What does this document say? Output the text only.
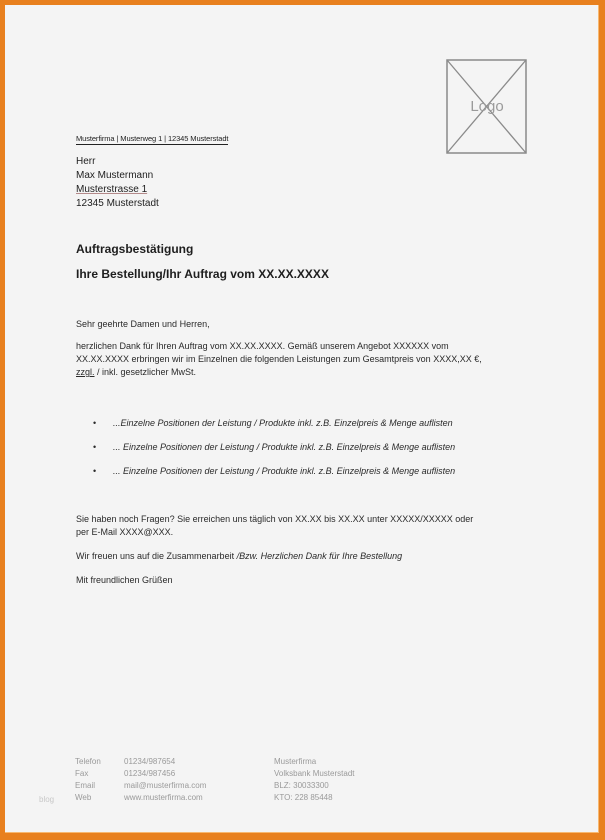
Logo
Musterfirma | Musterweg 1 | 12345 Musterstadt
Herr
Max Mustermann
Musterstrasse 1
12345 Musterstadt
Auftragsbestätigung
Ihre Bestellung/Ihr Auftrag vom XX.XX.XXXX
Sehr geehrte Damen und Herren,
herzlichen Dank für Ihren Auftrag vom XX.XX.XXXX. Gemäß unserem Angebot XXXXXX vom
XX.XX.XXXX erbringen wir im Einzelnen die folgenden Leistungen zum Gesamtpreis von XXXX,XX €,
zzgl. / inkl. gesetzlicher MwSt.
• ...Einzelne Positionen der Leistung / Produkte inkl. z.B. Einzelpreis & Menge auflisten
• ... Einzelne Positionen der Leistung / Produkte inkl. z.B. Einzelpreis & Menge auflisten
• ... Einzelne Positionen der Leistung / Produkte inkl. z.B. Einzelpreis & Menge auflisten
Sie haben noch Fragen? Sie erreichen uns täglich von XX.XX bis XX.XX unter XXXXX/XXXXX oder
per E-Mail XXXX@XXX.
Wir freuen uns auf die Zusammenarbeit /Bzw. Herzlichen Dank für Ihre Bestellung
Mit freundlichen Grüßen
Telefon
Fax
Email
Web
01234/987654
01234/987456
mail@musterfirma.com
www.musterfirma.com
Musterfirma
Volksbank Musterstadt
BLZ: 30033300
KTO: 228 85448
blog
